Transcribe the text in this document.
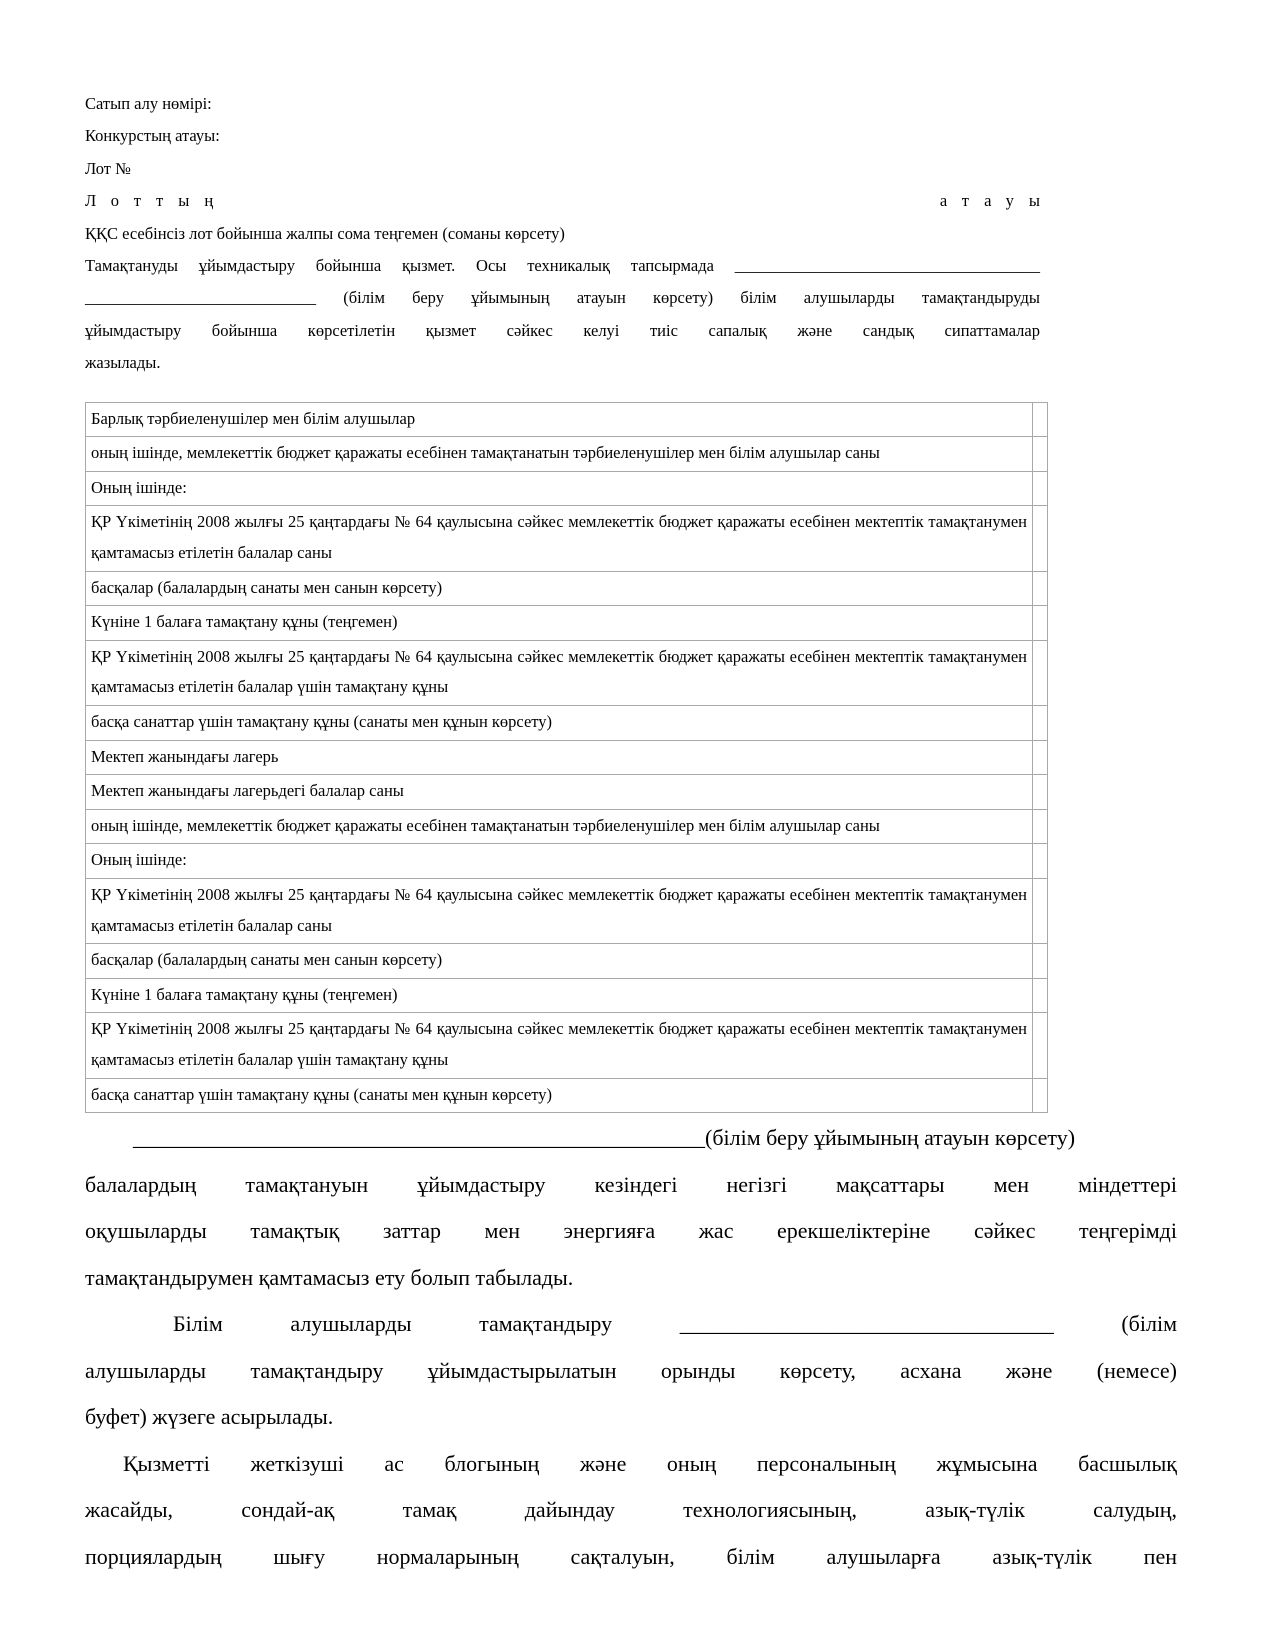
Сатып алу нөмірі:

Конкурстың атауы:

Лот №

Лоттың	атауы

ҚҚС есебінсіз лот бойынша жалпы сома теңгемен (соманы көрсету)

Тамақтануды ұйымдастыру бойынша қызмет. Осы техникалық тапсырмада _____________________________________

____________________________ (білім беру ұйымының атауын көрсету) білім алушыларды тамақтандыруды

ұйымдастыру бойынша көрсетілетін қызмет сәйкес келуі тиіс сапалық және сандық сипаттамалар

жазылады.

Барлық тәрбиеленушілер мен білім алушылар	
оның ішінде, мемлекеттік бюджет қаражаты есебінен тамақтанатын тәрбиеленушілер мен білім алушылар саны	
Оның ішінде:	
ҚР Үкіметінің 2008 жылғы 25 қаңтардағы № 64 қаулысына сәйкес мемлекеттік бюджет қаражаты есебінен мектептік тамақтанумен қамтамасыз етілетін балалар саны	
басқалар (балалардың санаты мен санын көрсету)	
Күніне 1 балаға тамақтану құны (теңгемен)	
ҚР Үкіметінің 2008 жылғы 25 қаңтардағы № 64 қаулысына сәйкес мемлекеттік бюджет қаражаты есебінен мектептік тамақтанумен қамтамасыз етілетін балалар үшін тамақтану құны	
басқа санаттар үшін тамақтану құны (санаты мен құнын көрсету)	
Мектеп жанындағы лагерь	
Мектеп жанындағы лагерьдегі балалар саны	
оның ішінде, мемлекеттік бюджет қаражаты есебінен тамақтанатын тәрбиеленушілер мен білім алушылар саны	
Оның ішінде:	
ҚР Үкіметінің 2008 жылғы 25 қаңтардағы № 64 қаулысына сәйкес мемлекеттік бюджет қаражаты есебінен мектептік тамақтанумен қамтамасыз етілетін балалар саны	
басқалар (балалардың санаты мен санын көрсету)	
Күніне 1 балаға тамақтану құны (теңгемен)	
ҚР Үкіметінің 2008 жылғы 25 қаңтардағы № 64 қаулысына сәйкес мемлекеттік бюджет қаражаты есебінен мектептік тамақтанумен қамтамасыз етілетін балалар үшін тамақтану құны	
басқа санаттар үшін тамақтану құны (санаты мен құнын көрсету)	

____________________________________________________(білім беру ұйымының атауын көрсету)

балалардың тамақтануын ұйымдастыру кезіндегі негізгі мақсаттары мен міндеттері

оқушыларды тамақтық заттар мен энергияға жас ерекшеліктеріне сәйкес теңгерімді

тамақтандырумен қамтамасыз ету болып табылады.

Білім алушыларды тамақтандыру __________________________________ (білім

алушыларды тамақтандыру ұйымдастырылатын орынды көрсету, асхана және (немесе)

буфет) жүзеге асырылады.

Қызметті жеткізуші ас блогының және оның персоналының жұмысына басшылық

жасайды, сондай-ақ тамақ дайындау технологиясының, азық-түлік салудың,

порциялардың шығу нормаларының сақталуын, білім алушыларға азық-түлік пен
